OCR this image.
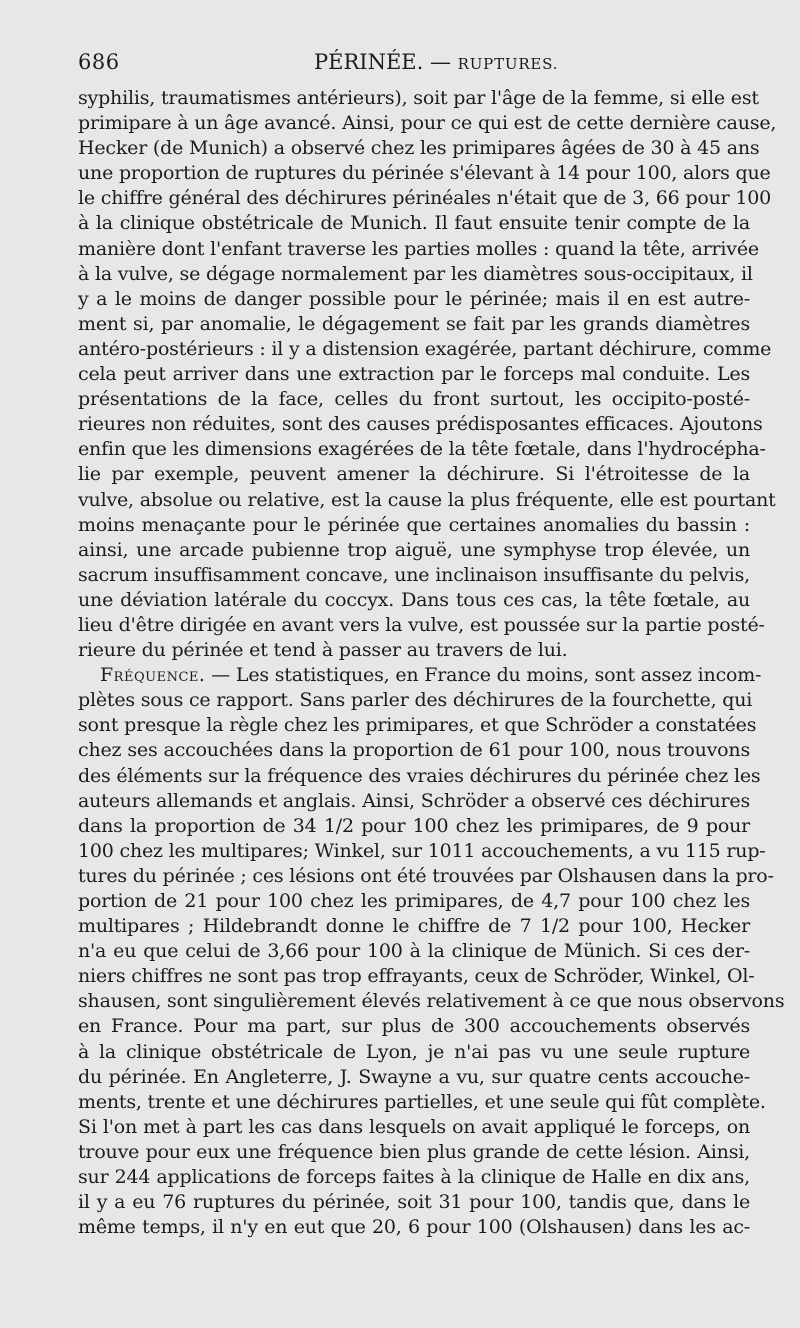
686	PÉRINÉE. — RUPTURES.
syphilis, traumatismes antérieurs), soit par l'âge de la femme, si elle est
primipare à un âge avancé. Ainsi, pour ce qui est de cette dernière cause,
Hecker (de Munich) a observé chez les primipares âgées de 30 à 45 ans
une proportion de ruptures du périnée s'élevant à 14 pour 100, alors que
le chiffre général des déchirures périnéales n'était que de 3, 66 pour 100
à la clinique obstétricale de Munich. Il faut ensuite tenir compte de la
manière dont l'enfant traverse les parties molles : quand la tête, arrivée
à la vulve, se dégage normalement par les diamètres sous-occipitaux, il
y a le moins de danger possible pour le périnée; mais il en est autre-
ment si, par anomalie, le dégagement se fait par les grands diamètres
antéro-postérieurs : il y a distension exagérée, partant déchirure, comme
cela peut arriver dans une extraction par le forceps mal conduite. Les
présentations de la face, celles du front surtout, les occipito-posté-
rieures non réduites, sont des causes prédisposantes efficaces. Ajoutons
enfin que les dimensions exagérées de la tête fœtale, dans l'hydrocépha-
lie par exemple, peuvent amener la déchirure. Si l'étroitesse de la
vulve, absolue ou relative, est la cause la plus fréquente, elle est pourtant
moins menaçante pour le périnée que certaines anomalies du bassin :
ainsi, une arcade pubienne trop aiguë, une symphyse trop élevée, un
sacrum insuffisamment concave, une inclinaison insuffisante du pelvis,
une déviation latérale du coccyx. Dans tous ces cas, la tête fœtale, au
lieu d'être dirigée en avant vers la vulve, est poussée sur la partie posté-
rieure du périnée et tend à passer au travers de lui.
Fréquence. — Les statistiques, en France du moins, sont assez incom-
plètes sous ce rapport. Sans parler des déchirures de la fourchette, qui
sont presque la règle chez les primipares, et que Schröder a constatées
chez ses accouchées dans la proportion de 61 pour 100, nous trouvons
des éléments sur la fréquence des vraies déchirures du périnée chez les
auteurs allemands et anglais. Ainsi, Schröder a observé ces déchirures
dans la proportion de 34 1/2 pour 100 chez les primipares, de 9 pour
100 chez les multipares; Winkel, sur 1011 accouchements, a vu 115 rup-
tures du périnée ; ces lésions ont été trouvées par Olshausen dans la pro-
portion de 21 pour 100 chez les primipares, de 4,7 pour 100 chez les
multipares ; Hildebrandt donne le chiffre de 7 1/2 pour 100, Hecker
n'a eu que celui de 3,66 pour 100 à la clinique de Münich. Si ces der-
niers chiffres ne sont pas trop effrayants, ceux de Schröder, Winkel, Ol-
shausen, sont singulièrement élevés relativement à ce que nous observons
en France. Pour ma part, sur plus de 300 accouchements observés
à la clinique obstétricale de Lyon, je n'ai pas vu une seule rupture
du périnée. En Angleterre, J. Swayne a vu, sur quatre cents accouche-
ments, trente et une déchirures partielles, et une seule qui fût complète.
Si l'on met à part les cas dans lesquels on avait appliqué le forceps, on
trouve pour eux une fréquence bien plus grande de cette lésion. Ainsi,
sur 244 applications de forceps faites à la clinique de Halle en dix ans,
il y a eu 76 ruptures du périnée, soit 31 pour 100, tandis que, dans le
même temps, il n'y en eut que 20, 6 pour 100 (Olshausen) dans les ac-
